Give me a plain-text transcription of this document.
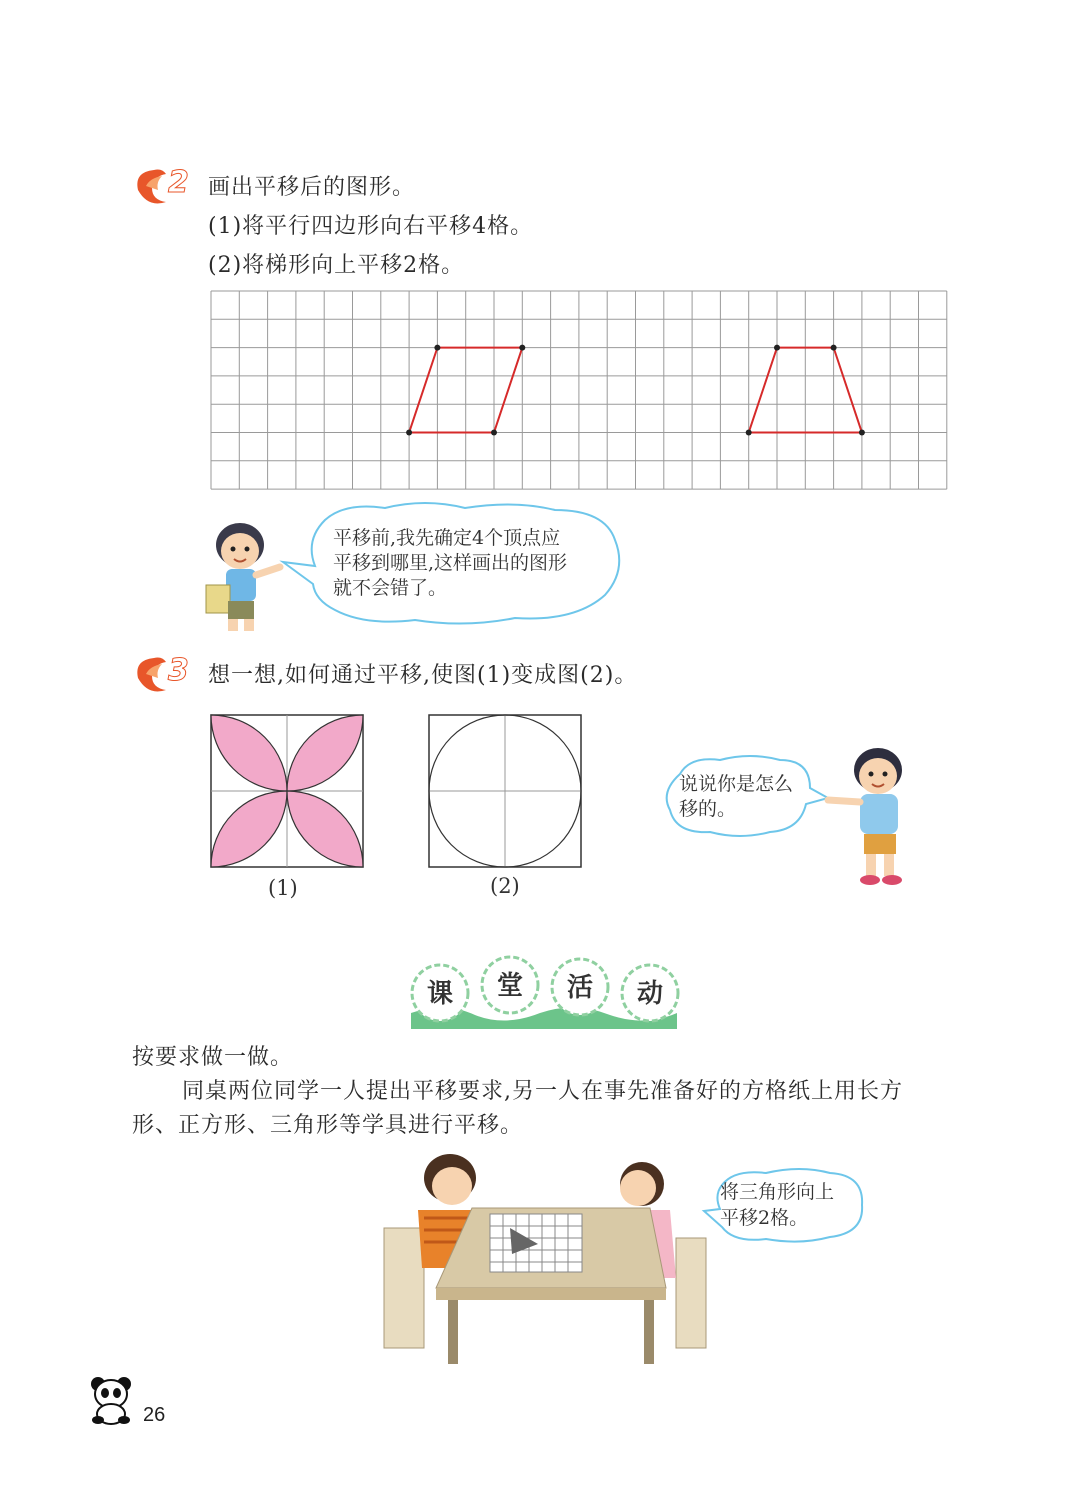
2 画出平移后的图形。
(1)将平行四边形向右平移4格。
(2)将梯形向上平移2格。
平移前,我先确定4个顶点应
平移到哪里,这样画出的图形
就不会错了。
3 想一想,如何通过平移,使图(1)变成图(2)。
(1)	(2)
说说你是怎么
移的。
课 堂 活 动
按要求做一做。
同桌两位同学一人提出平移要求,另一人在事先准备好的方格纸上用长方
形、正方形、三角形等学具进行平移。
将三角形向上
平移2格。
26
